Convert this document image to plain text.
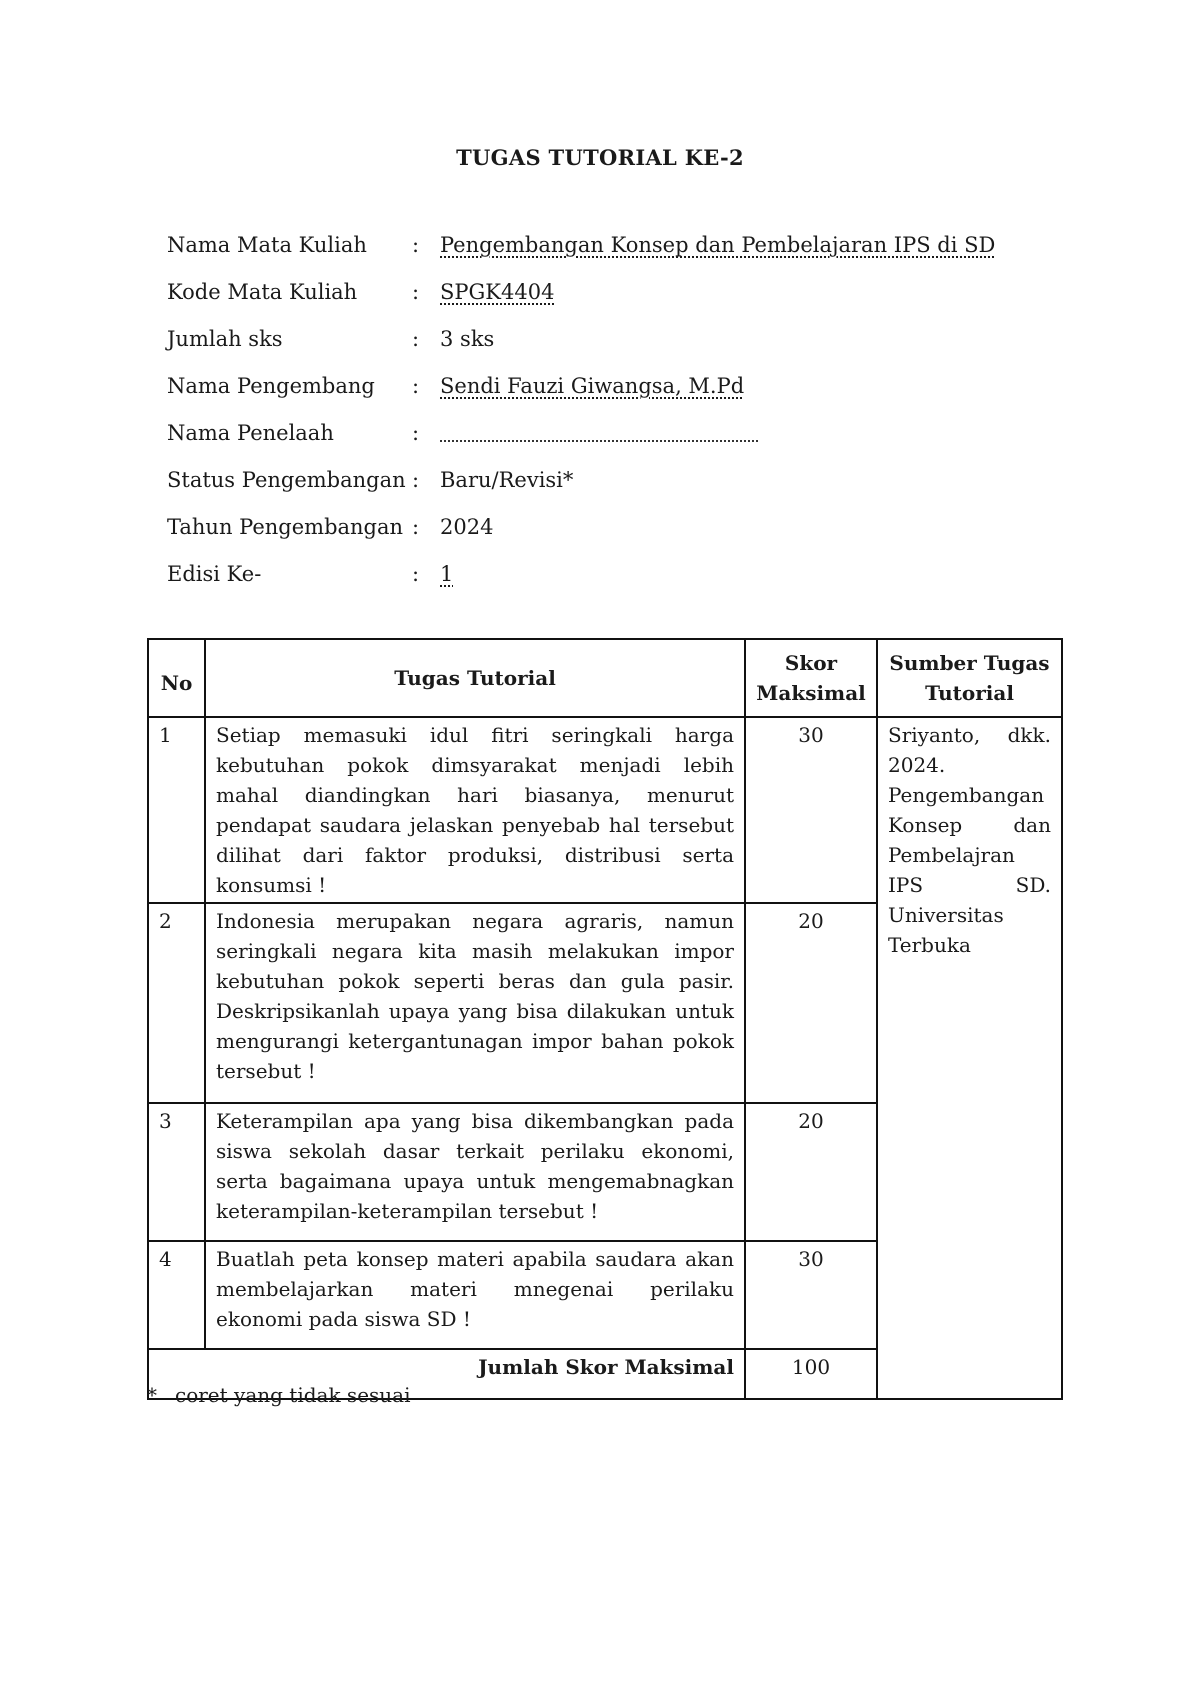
TUGAS TUTORIAL KE-2
Nama Mata Kuliah	: Pengembangan Konsep dan Pembelajaran IPS di SD
Kode Mata Kuliah	: SPGK4404
Jumlah sks	: 3 sks
Nama Pengembang	: Sendi Fauzi Giwangsa, M.Pd
Nama Penelaah	:
Status Pengembangan : Baru/Revisi*
Tahun Pengembangan : 2024
Edisi Ke-	: 1
No	Tugas Tutorial	Skor Maksimal	Sumber Tugas Tutorial
1	Setiap memasuki idul fitri seringkali harga kebutuhan pokok dimsyarakat menjadi lebih mahal diandingkan hari biasanya, menurut pendapat saudara jelaskan penyebab hal tersebut dilihat dari faktor produksi, distribusi serta konsumsi !	30	Sriyanto, dkk. 2024. Pengembangan Konsep dan Pembelajran IPS SD. Universitas Terbuka
2	Indonesia merupakan negara agraris, namun seringkali negara kita masih melakukan impor kebutuhan pokok seperti beras dan gula pasir. Deskripsikanlah upaya yang bisa dilakukan untuk mengurangi ketergantunagan impor bahan pokok tersebut !	20	
3	Keterampilan apa yang bisa dikembangkan pada siswa sekolah dasar terkait perilaku ekonomi, serta bagaimana upaya untuk mengemabnagkan keterampilan-keterampilan tersebut !	20	
4	Buatlah peta konsep materi apabila saudara akan membelajarkan materi mnegenai perilaku ekonomi pada siswa SD !	30	
Jumlah Skor Maksimal		100	
* coret yang tidak sesuai
